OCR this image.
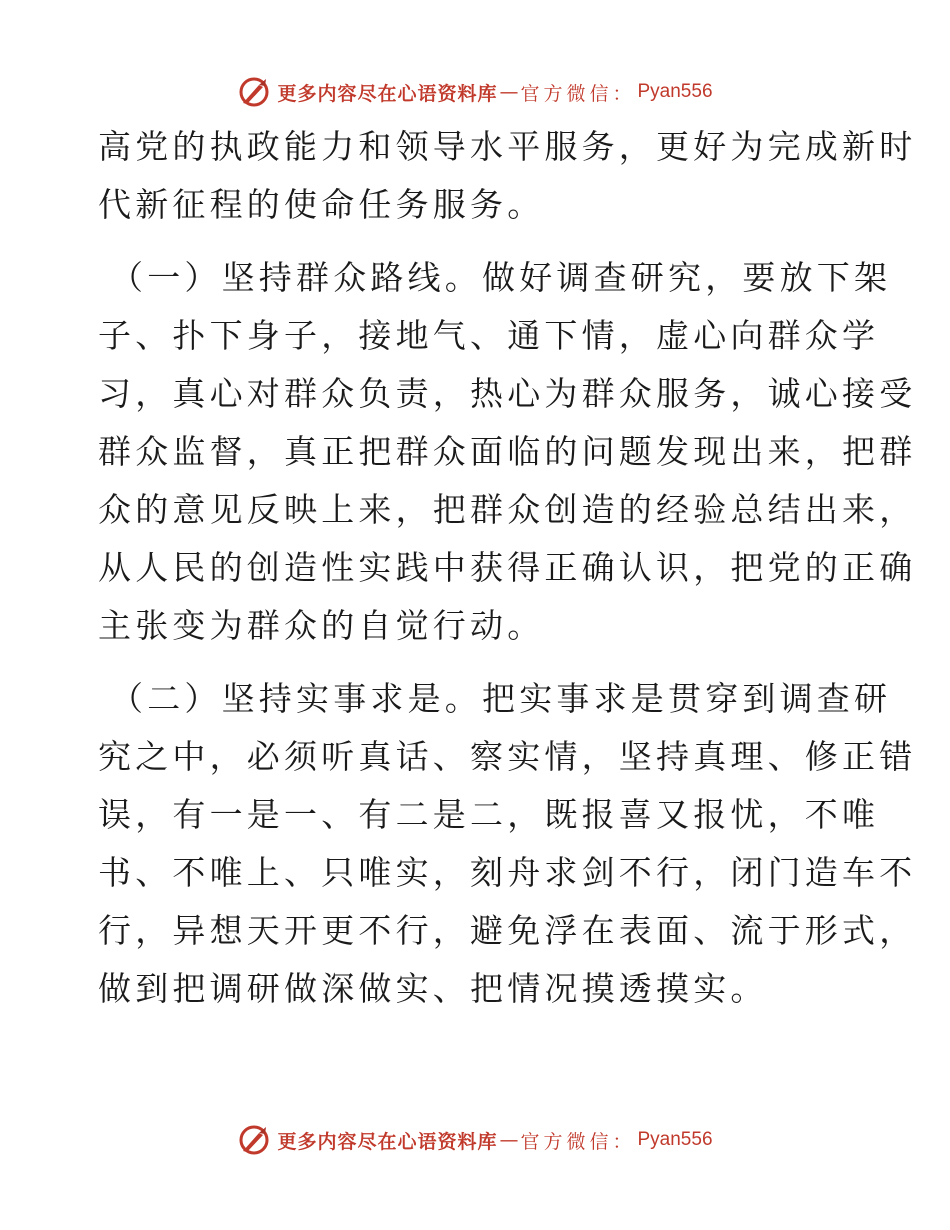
更多内容尽在心语资料库 — 官方微信： Pyan556
高党的执政能力和领导水平服务，更好为完成新时
代新征程的使命任务服务。
（一）坚持群众路线。做好调查研究，要放下架
子、扑下身子，接地气、通下情，虚心向群众学
习，真心对群众负责，热心为群众服务，诚心接受
群众监督，真正把群众面临的问题发现出来，把群
众的意见反映上来，把群众创造的经验总结出来，
从人民的创造性实践中获得正确认识，把党的正确
主张变为群众的自觉行动。
（二）坚持实事求是。把实事求是贯穿到调查研
究之中，必须听真话、察实情，坚持真理、修正错
误，有一是一、有二是二，既报喜又报忧，不唯
书、不唯上、只唯实，刻舟求剑不行，闭门造车不
行，异想天开更不行，避免浮在表面、流于形式，
做到把调研做深做实、把情况摸透摸实。
更多内容尽在心语资料库 — 官方微信： Pyan556
